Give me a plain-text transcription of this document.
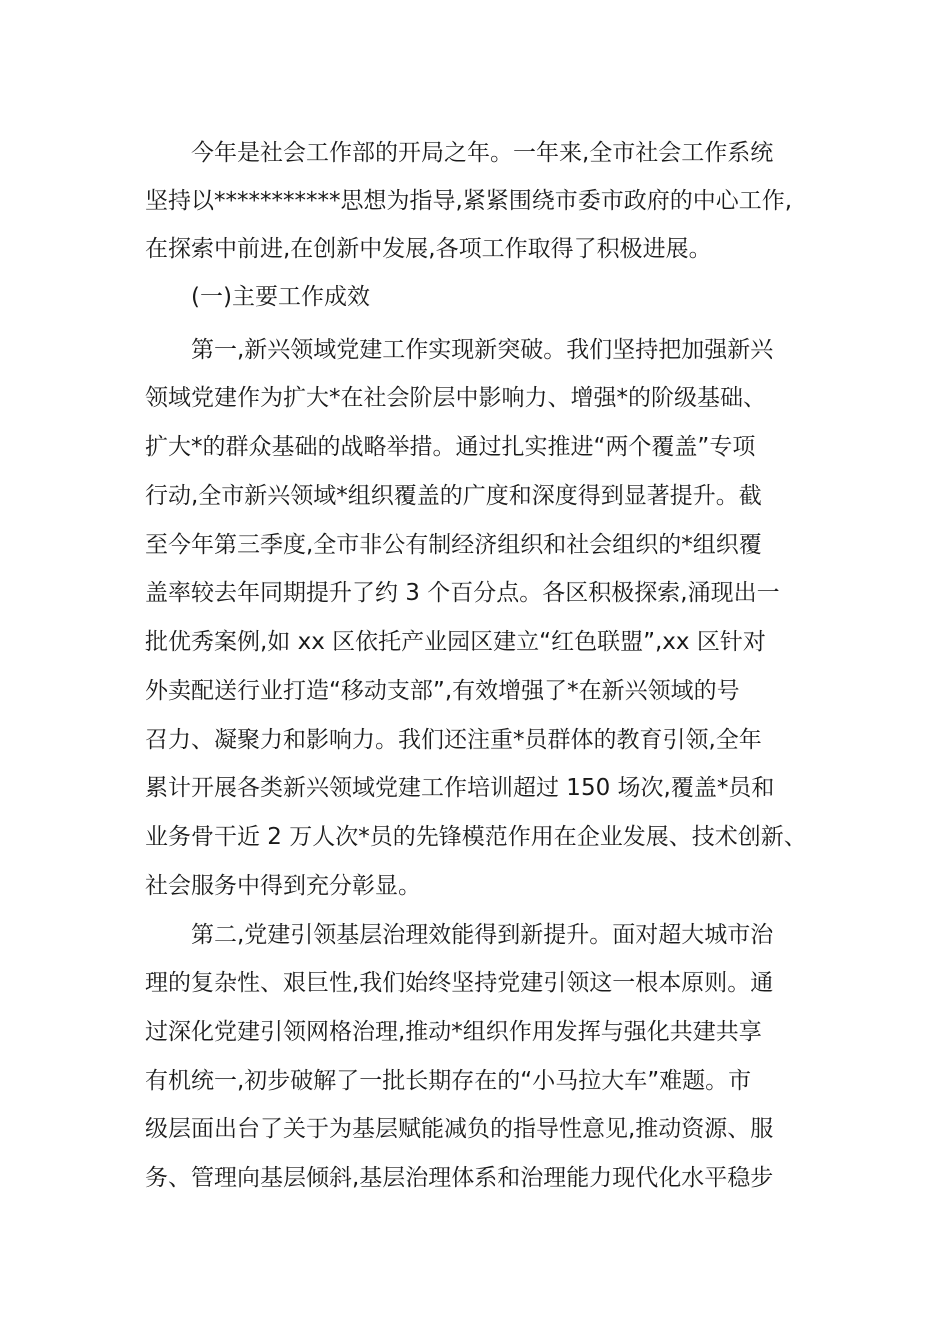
今年是社会工作部的开局之年。一年来,全市社会工作系统

坚持以***********思想为指导,紧紧围绕市委市政府的中心工作,

在探索中前进,在创新中发展,各项工作取得了积极进展。

(一)主要工作成效

第一,新兴领域党建工作实现新突破。我们坚持把加强新兴

领域党建作为扩大*在社会阶层中影响力、增强*的阶级基础、

扩大*的群众基础的战略举措。通过扎实推进“两个覆盖”专项

行动,全市新兴领域*组织覆盖的广度和深度得到显著提升。截

至今年第三季度,全市非公有制经济组织和社会组织的*组织覆

盖率较去年同期提升了约 3 个百分点。各区积极探索,涌现出一

批优秀案例,如 xx 区依托产业园区建立“红色联盟”,xx 区针对

外卖配送行业打造“移动支部”,有效增强了*在新兴领域的号

召力、凝聚力和影响力。我们还注重*员群体的教育引领,全年

累计开展各类新兴领域党建工作培训超过 150 场次,覆盖*员和

业务骨干近 2 万人次*员的先锋模范作用在企业发展、技术创新、

社会服务中得到充分彰显。

第二,党建引领基层治理效能得到新提升。面对超大城市治

理的复杂性、艰巨性,我们始终坚持党建引领这一根本原则。通

过深化党建引领网格治理,推动*组织作用发挥与强化共建共享

有机统一,初步破解了一批长期存在的“小马拉大车”难题。市

级层面出台了关于为基层赋能减负的指导性意见,推动资源、服

务、管理向基层倾斜,基层治理体系和治理能力现代化水平稳步
